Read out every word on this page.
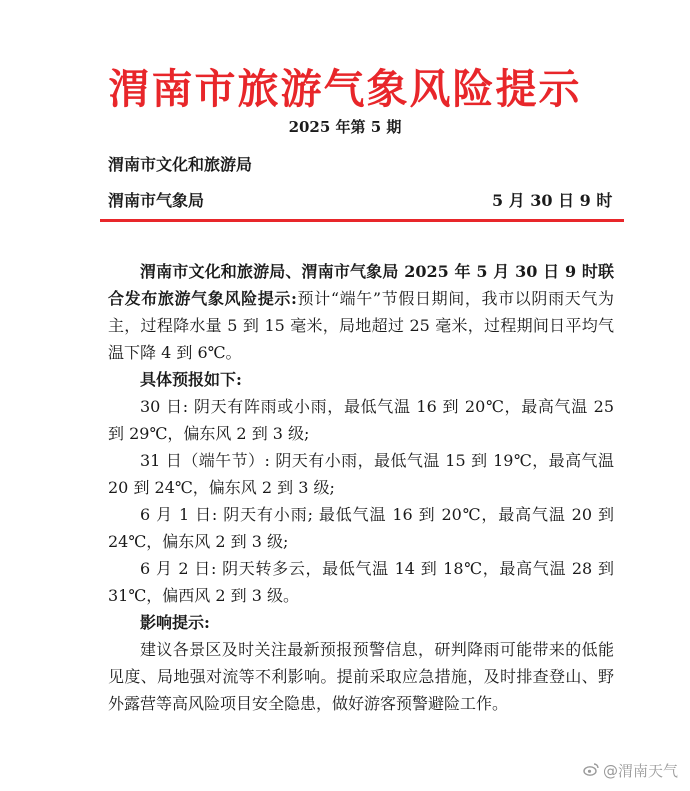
渭南市旅游气象风险提示
2025 年第 5 期
渭南市文化和旅游局
渭南市气象局	5 月 30 日 9 时

渭南市文化和旅游局、渭南市气象局 2025 年 5 月 30 日 9 时联合发布旅游气象风险提示:预计“端午”节假日期间，我市以阴雨天气为主，过程降水量 5 到 15 毫米，局地超过 25 毫米，过程期间日平均气温下降 4 到 6℃。

具体预报如下:

30 日: 阴天有阵雨或小雨，最低气温 16 到 20℃，最高气温 25 到 29℃，偏东风 2 到 3 级;

31 日（端午节）: 阴天有小雨，最低气温 15 到 19℃，最高气温 20 到 24℃，偏东风 2 到 3 级;

6 月 1 日: 阴天有小雨; 最低气温 16 到 20℃，最高气温 20 到 24℃，偏东风 2 到 3 级;

6 月 2 日: 阴天转多云，最低气温 14 到 18℃，最高气温 28 到 31℃，偏西风 2 到 3 级。

影响提示:

建议各景区及时关注最新预报预警信息，研判降雨可能带来的低能见度、局地强对流等不利影响。提前采取应急措施，及时排查登山、野外露营等高风险项目安全隐患，做好游客预警避险工作。

@渭南天气
